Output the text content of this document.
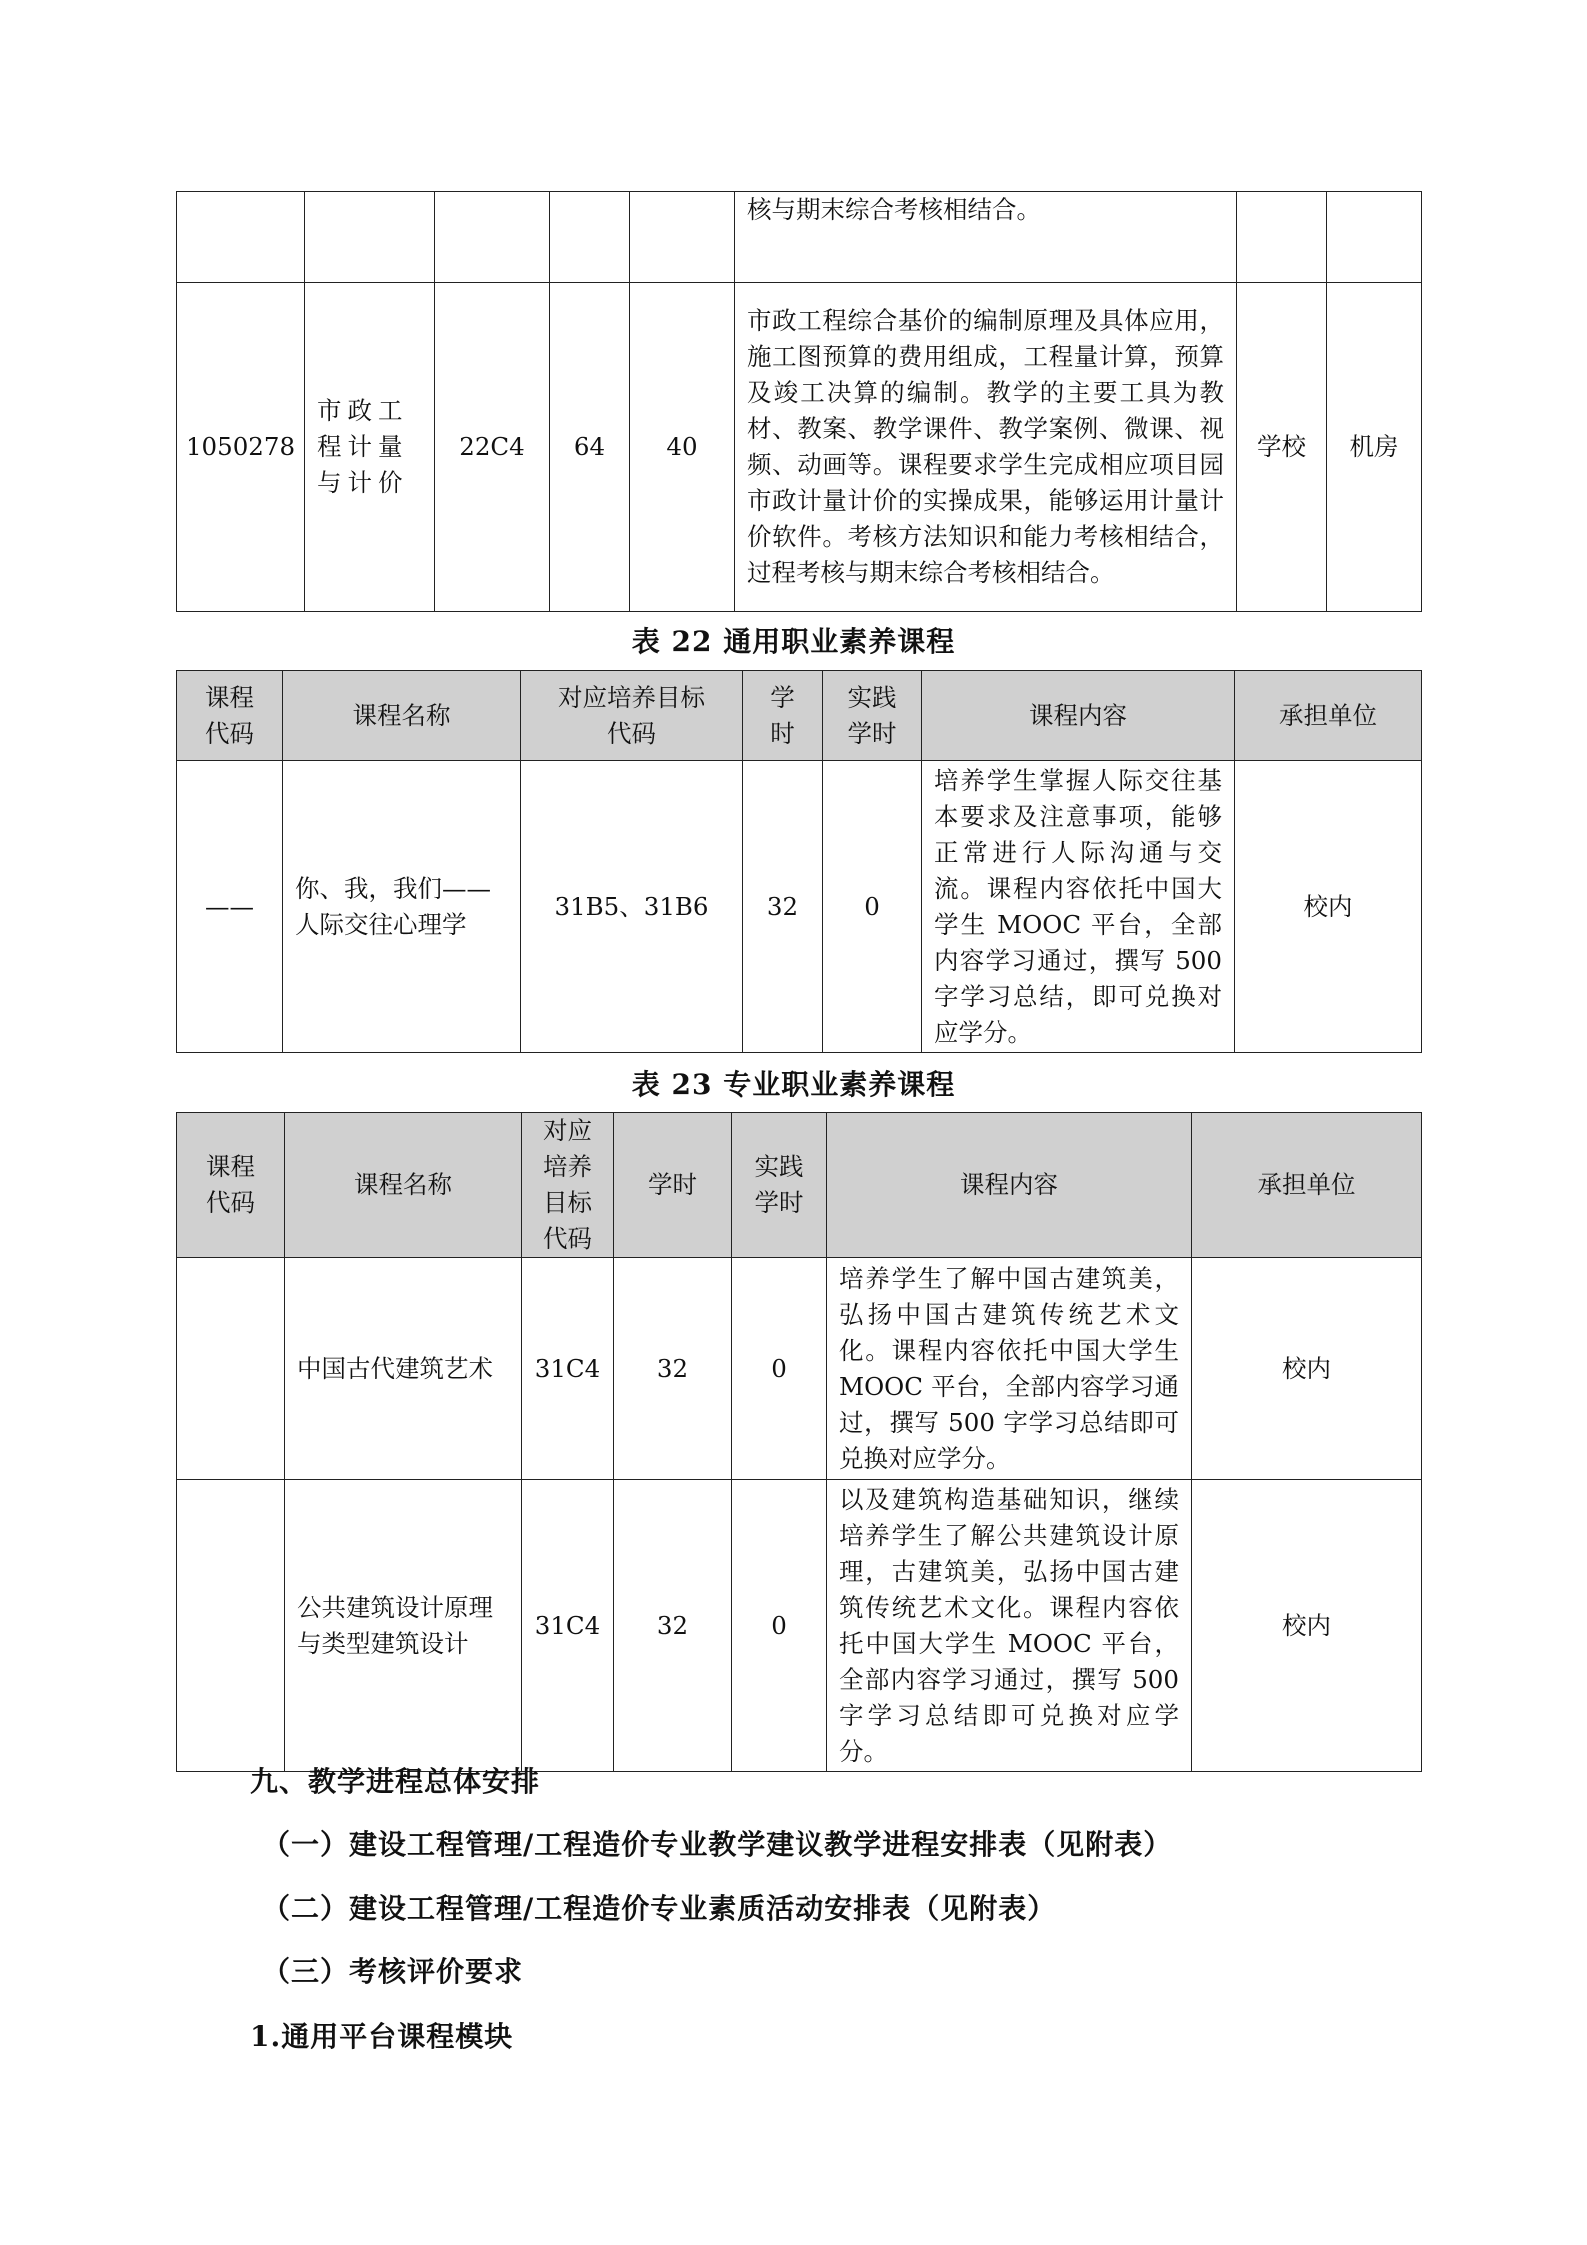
					核与期末综合考核相结合。		
1050278	市政工程计量与计价	22C4	64	40	市政工程综合基价的编制原理及具体应用，施工图预算的费用组成，工程量计算，预算及竣工决算的编制。教学的主要工具为教材、教案、教学课件、教学案例、微课、视频、动画等。课程要求学生完成相应项目园市政计量计价的实操成果，能够运用计量计价软件。考核方法知识和能力考核相结合，过程考核与期末综合考核相结合。	学校	机房
表 22 通用职业素养课程
课程代码	课程名称	对应培养目标代码	学时	实践学时	课程内容	承担单位
——	你、我，我们——人际交往心理学	31B5、31B6	32	0	培养学生掌握人际交往基本要求及注意事项，能够正常进行人际沟通与交流。课程内容依托中国大学生 MOOC 平台，全部内容学习通过，撰写 500 字学习总结，即可兑换对应学分。	校内
表 23 专业职业素养课程
课程代码	课程名称	对应培养目标代码	学时	实践学时	课程内容	承担单位
	中国古代建筑艺术	31C4	32	0	培养学生了解中国古建筑美，弘扬中国古建筑传统艺术文化。课程内容依托中国大学生 MOOC 平台，全部内容学习通过，撰写 500 字学习总结即可兑换对应学分。	校内
	公共建筑设计原理与类型建筑设计	31C4	32	0	以及建筑构造基础知识，继续培养学生了解公共建筑设计原理，古建筑美，弘扬中国古建筑传统艺术文化。课程内容依托中国大学生 MOOC 平台，全部内容学习通过，撰写 500 字学习总结即可兑换对应学分。	校内
九、教学进程总体安排
（一）建设工程管理/工程造价专业教学建议教学进程安排表（见附表）
（二）建设工程管理/工程造价专业素质活动安排表（见附表）
（三）考核评价要求
1.通用平台课程模块
